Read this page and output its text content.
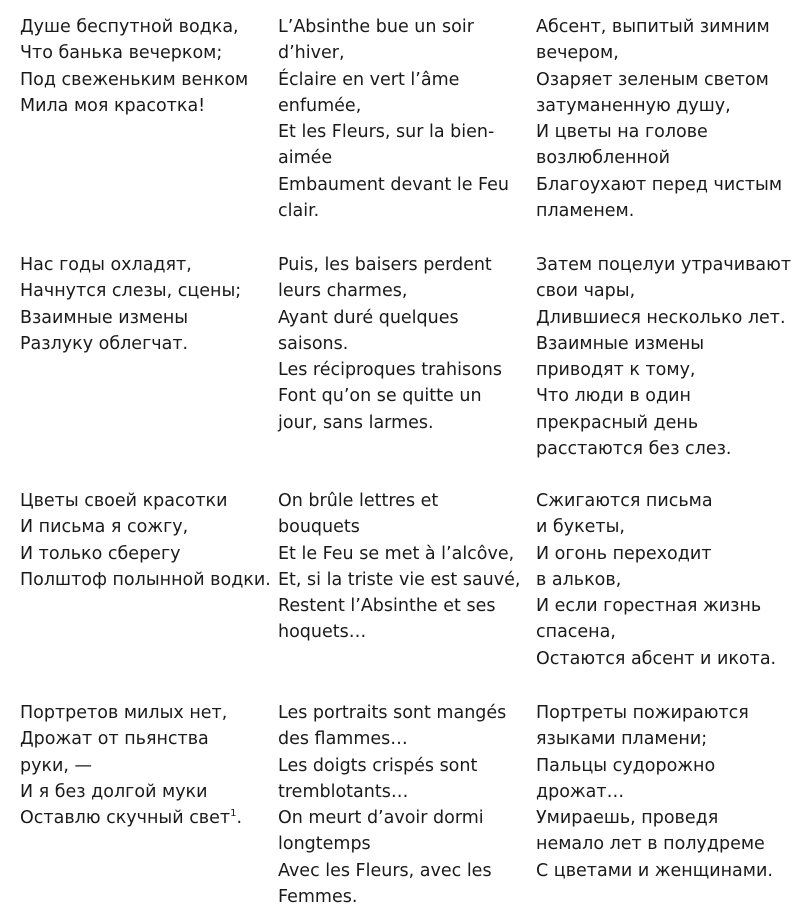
Душе беспутной водка,
Что банька вечерком;
Под свеженьким венком
Мила моя красотка!
L’Absinthe bue un soir
d’hiver,
Éclaire en vert l’âme
enfumée,
Et les Fleurs, sur la bien-
aimée
Embaument devant le Feu
clair.
Абсент, выпитый зимним
вечером,
Озаряет зеленым светом
затуманенную душу,
И цветы на голове
возлюбленной
Благоухают перед чистым
пламенем.
Нас годы охладят,
Начнутся слезы, сцены;
Взаимные измены
Разлуку облегчат.
Puis, les baisers perdent
leurs charmes,
Ayant duré quelques
saisons.
Les réciproques trahisons
Font qu’on se quitte un
jour, sans larmes.
Затем поцелуи утрачивают
свои чары,
Длившиеся несколько лет.
Взаимные измены
приводят к тому,
Что люди в один
прекрасный день
расстаются без слез.
Цветы своей красотки
И письма я сожгу,
И только сберегу
Полштоф полынной водки.
On brûle lettres et
bouquets
Et le Feu se met à l’alcôve,
Et, si la triste vie est sauvé,
Restent l’Absinthe et ses
hoquets…
Сжигаются письма
и букеты,
И огонь переходит
в альков,
И если горестная жизнь
спасена,
Остаются абсент и икота.
Портретов милых нет,
Дрожат от пьянства
руки, —
И я без долгой муки
Оставлю скучный свет$^1$.
Les portraits sont mangés
des flammes…
Les doigts crispés sont
tremblotants…
On meurt d’avoir dormi
longtemps
Avec les Fleurs, avec les
Femmes.
Портреты пожираются
языками пламени;
Пальцы судорожно
дрожат…
Умираешь, проведя
немало лет в полудреме
С цветами и женщинами.
